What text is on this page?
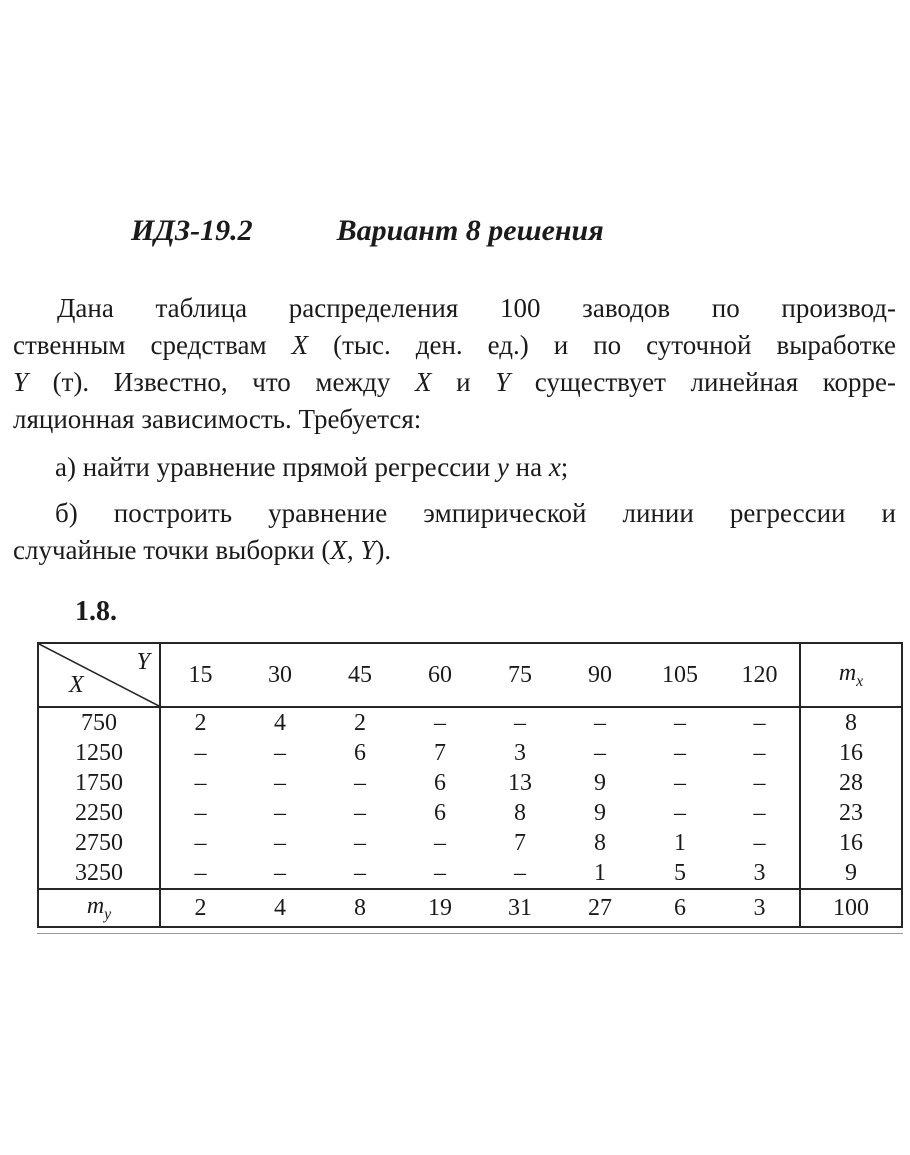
ИДЗ-19.2	Вариант 8 решения
Дана таблица распределения 100 заводов по производ-
ственным средствам X (тыс. ден. ед.) и по суточной выработке
Y (т). Известно, что между X и Y существует линейная корре-
ляционная зависимость. Требуется:
а) найти уравнение прямой регрессии y на x;
б) построить уравнение эмпирической линии регрессии и
случайные точки выборки (X, Y).
1.8.
Y
X	15	30	45	60	75	90	105	120	$m_x$
750	2	4	2	–	–	–	–	–	8
1250	–	–	6	7	3	–	–	–	16
1750	–	–	–	6	13	9	–	–	28
2250	–	–	–	6	8	9	–	–	23
2750	–	–	–	–	7	8	1	–	16
3250	–	–	–	–	–	1	5	3	9
$m_y$	2	4	8	19	31	27	6	3	100
